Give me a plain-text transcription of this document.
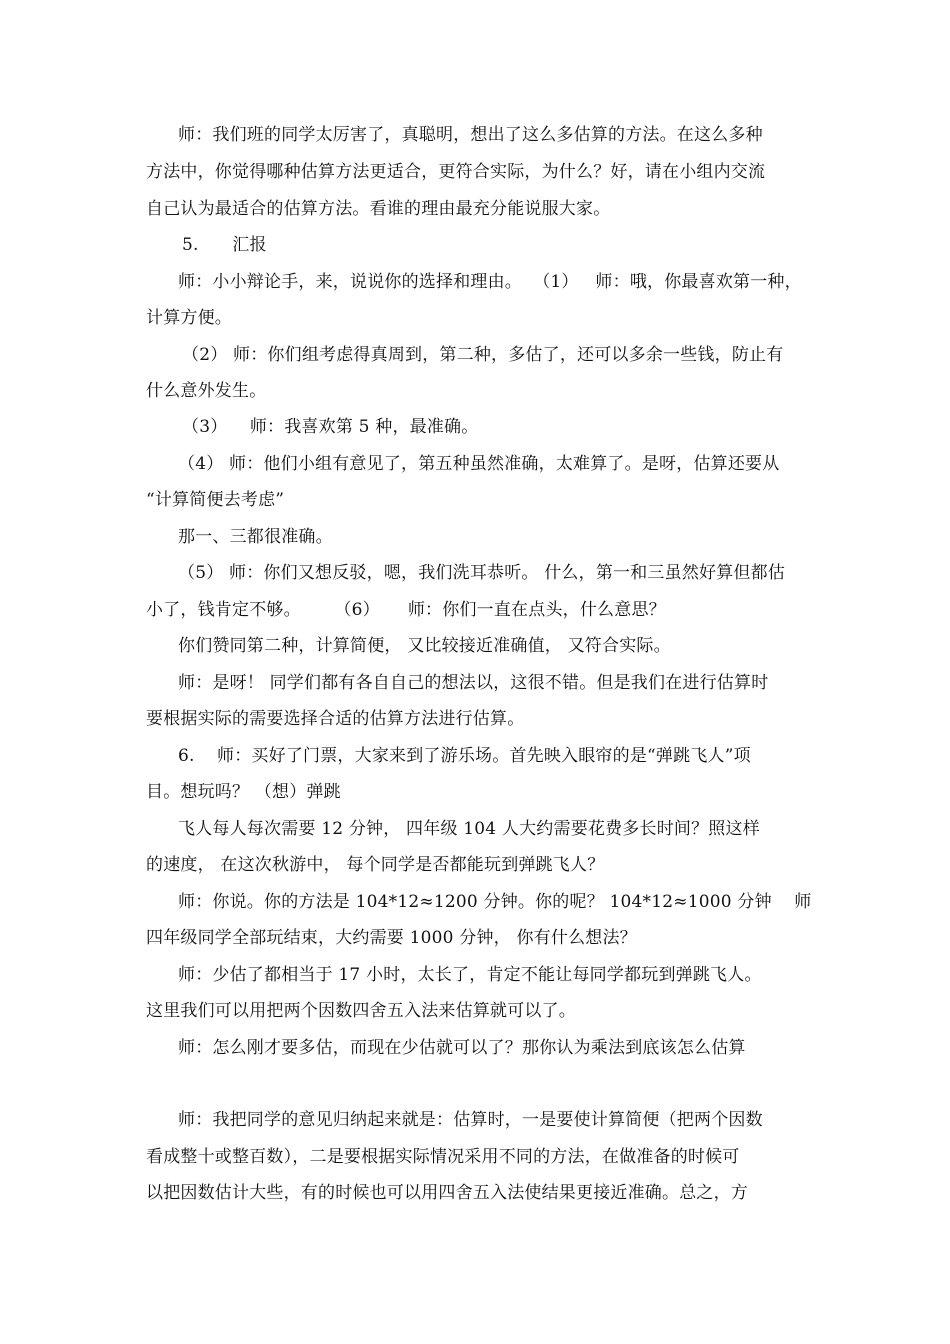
师：我们班的同学太厉害了，真聪明，想出了这么多估算的方法。在这么多种
方法中，你觉得哪种估算方法更适合，更符合实际，为什么？好，请在小组内交流
自己认为最适合的估算方法。看谁的理由最充分能说服大家。
5.      汇报
师：小小辩论手，来，说说你的选择和理由。  （1）   师：哦，你最喜欢第一种，
计算方便。
（2） 师：你们组考虑得真周到，第二种，多估了，还可以多余一些钱，防止有
什么意外发生。
（3）    师：我喜欢第 5 种，最准确。
（4） 师：他们小组有意见了，第五种虽然准确，太难算了。是呀，估算还要从
“计算简便去考虑”
那一、三都很准确。
（5） 师：你们又想反驳，嗯，我们洗耳恭听。 什么，第一和三虽然好算但都估
小了，钱肯定不够。      （6）     师：你们一直在点头，什么意思？
你们赞同第二种，计算简便， 又比较接近准确值， 又符合实际。
师：是呀！ 同学们都有各自自己的想法以，这很不错。但是我们在进行估算时
要根据实际的需要选择合适的估算方法进行估算。
6.    师：买好了门票，大家来到了游乐场。首先映入眼帘的是“弹跳飞人”项
目。想玩吗？ （想）弹跳
飞人每人每次需要 12 分钟， 四年级 104 人大约需要花费多长时间？照这样
的速度， 在这次秋游中， 每个同学是否都能玩到弹跳飞人？
师：你说。你的方法是 104*12≈1200 分钟。你的呢？ 104*12≈1000 分钟    师
四年级同学全部玩结束，大约需要 1000 分钟， 你有什么想法？
师：少估了都相当于 17 小时，太长了，肯定不能让每同学都玩到弹跳飞人。
这里我们可以用把两个因数四舍五入法来估算就可以了。
师：怎么刚才要多估，而现在少估就可以了？那你认为乘法到底该怎么估算
师：我把同学的意见归纳起来就是：估算时，一是要使计算简便（把两个因数
看成整十或整百数），二是要根据实际情况采用不同的方法，在做准备的时候可
以把因数估计大些，有的时候也可以用四舍五入法使结果更接近准确。总之，方
